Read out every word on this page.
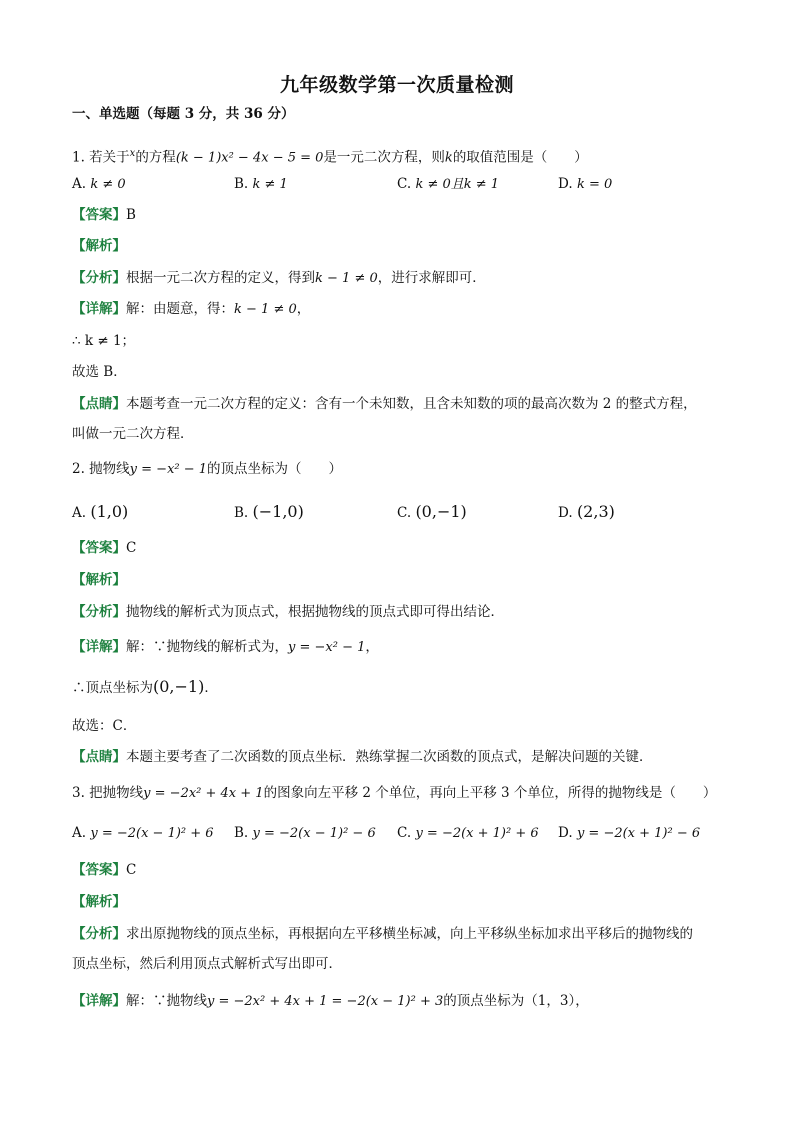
九年级数学第一次质量检测
一、单选题（每题 3 分，共 36 分）
1. 若关于$^x$的方程(k − 1)x² − 4x − 5 = 0是一元二次方程，则k的取值范围是（　　）
A. k ≠ 0	B. k ≠ 1	C. k ≠ 0且k ≠ 1	D. k = 0
【答案】B
【解析】
【分析】根据一元二次方程的定义，得到k − 1 ≠ 0，进行求解即可．
【详解】解：由题意，得：k − 1 ≠ 0，
∴ k ≠ 1；
故选 B．
【点睛】本题考查一元二次方程的定义：含有一个未知数，且含未知数的项的最高次数为 2 的整式方程，
叫做一元二次方程．
2. 抛物线y = −x² − 1的顶点坐标为（　　）
A. (1,0)	B. (−1,0)	C. (0,−1)	D. (2,3)
【答案】C
【解析】
【分析】抛物线的解析式为顶点式，根据抛物线的顶点式即可得出结论．
【详解】解：∵抛物线的解析式为，y = −x² − 1，
∴顶点坐标为(0,−1)．
故选：C．
【点睛】本题主要考查了二次函数的顶点坐标．熟练掌握二次函数的顶点式，是解决问题的关键．
3. 把抛物线y = −2x² + 4x + 1的图象向左平移 2 个单位，再向上平移 3 个单位，所得的抛物线是（　　）
A. y = −2(x − 1)² + 6 B. y = −2(x − 1)² − 6 C. y = −2(x + 1)² + 6 D. y = −2(x + 1)² − 6
【答案】C
【解析】
【分析】求出原抛物线的顶点坐标，再根据向左平移横坐标减，向上平移纵坐标加求出平移后的抛物线的
顶点坐标，然后利用顶点式解析式写出即可．
【详解】解：∵抛物线y = −2x² + 4x + 1 = −2(x − 1)² + 3的顶点坐标为（1，3），
